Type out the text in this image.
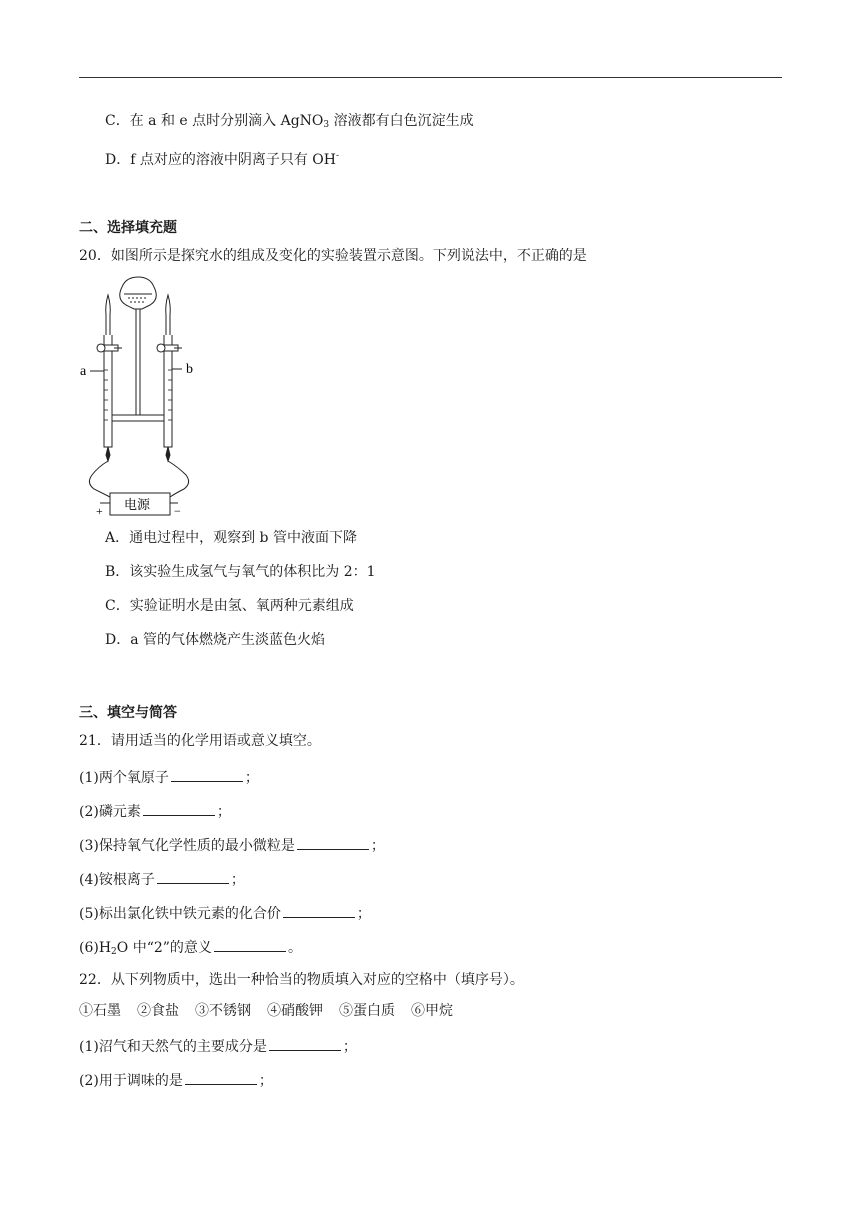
C．在 a 和 e 点时分别滴入 AgNO$_3$ 溶液都有白色沉淀生成
D．f 点对应的溶液中阴离子只有 OH-
二、选择填充题
20．如图所示是探究水的组成及变化的实验装置示意图。下列说法中，不正确的是
a	b
+	−
电源
A．通电过程中，观察到 b 管中液面下降
B．该实验生成氢气与氧气的体积比为 2：1
C．实验证明水是由氢、氧两种元素组成
D．a 管的气体燃烧产生淡蓝色火焰
三、填空与简答
21．请用适当的化学用语或意义填空。
(1)两个氧原子	；
(2)磷元素	；
(3)保持氧气化学性质的最小微粒是	；
(4)铵根离子	；
(5)标出氯化铁中铁元素的化合价	；
$(6)H_2O$ 中“2”的意义	。
22．从下列物质中，选出一种恰当的物质填入对应的空格中（填序号）。
①石墨 ②食盐 ③不锈钢 ④硝酸钾 ⑤蛋白质 ⑥甲烷
(1)沼气和天然气的主要成分是	；
(2)用于调味的是	；
